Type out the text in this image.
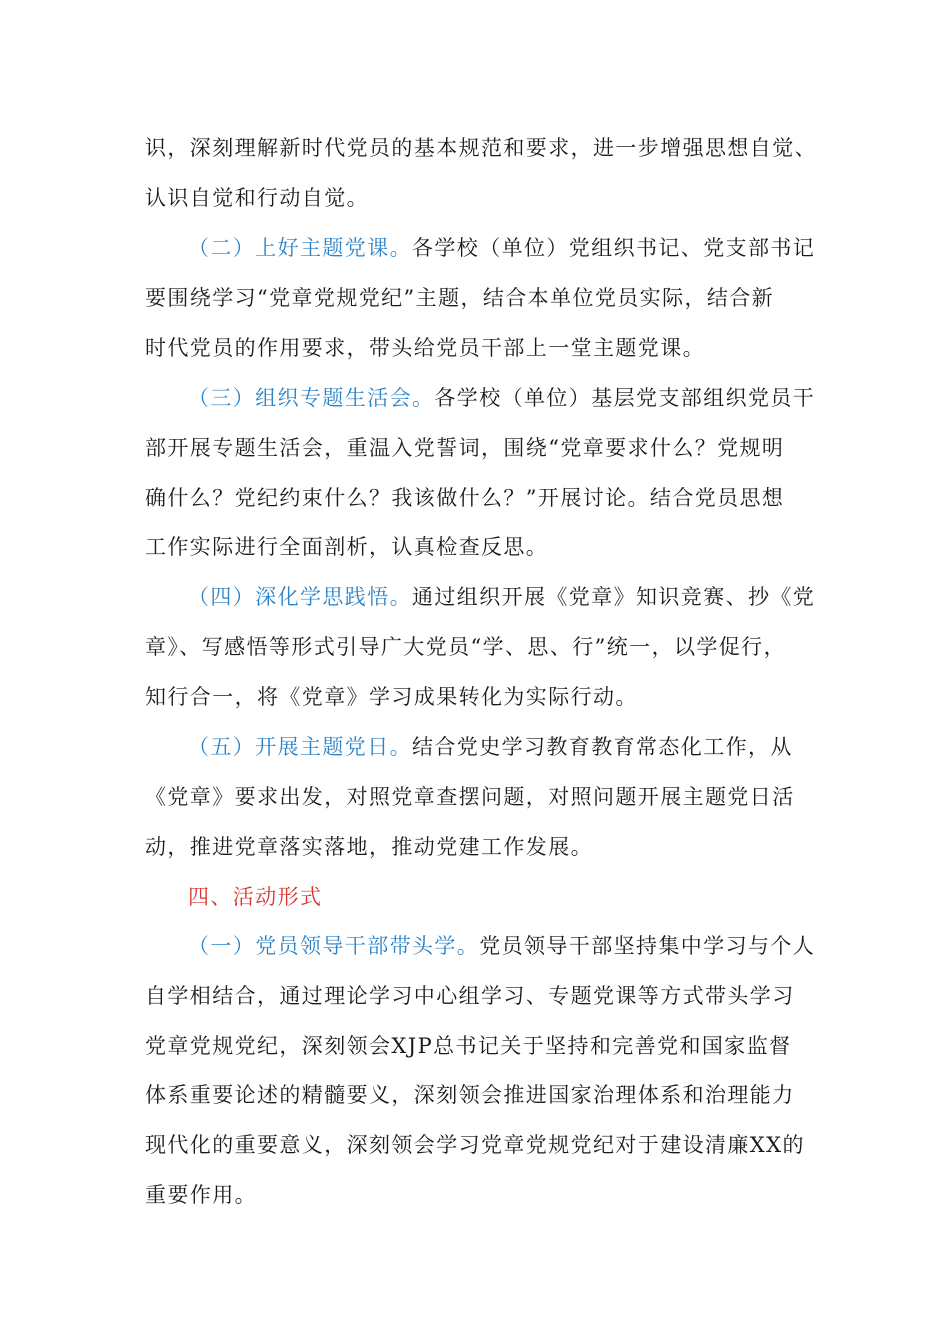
识，深刻理解新时代党员的基本规范和要求，进一步增强思想自觉、
认识自觉和行动自觉。
（二）上好主题党课。各学校（单位）党组织书记、党支部书记
要围绕学习“党章党规党纪”主题，结合本单位党员实际，结合新
时代党员的作用要求，带头给党员干部上一堂主题党课。
（三）组织专题生活会。各学校（单位）基层党支部组织党员干
部开展专题生活会，重温入党誓词，围绕“党章要求什么？党规明
确什么？党纪约束什么？我该做什么？”开展讨论。结合党员思想
工作实际进行全面剖析，认真检查反思。
（四）深化学思践悟。通过组织开展《党章》知识竞赛、抄《党
章》、写感悟等形式引导广大党员“学、思、行”统一，以学促行，
知行合一，将《党章》学习成果转化为实际行动。
（五）开展主题党日。结合党史学习教育教育常态化工作，从
《党章》要求出发，对照党章查摆问题，对照问题开展主题党日活
动，推进党章落实落地，推动党建工作发展。
四、活动形式
（一）党员领导干部带头学。党员领导干部坚持集中学习与个人
自学相结合，通过理论学习中心组学习、专题党课等方式带头学习
党章党规党纪，深刻领会XJP总书记关于坚持和完善党和国家监督
体系重要论述的精髓要义，深刻领会推进国家治理体系和治理能力
现代化的重要意义，深刻领会学习党章党规党纪对于建设清廉XX的
重要作用。
